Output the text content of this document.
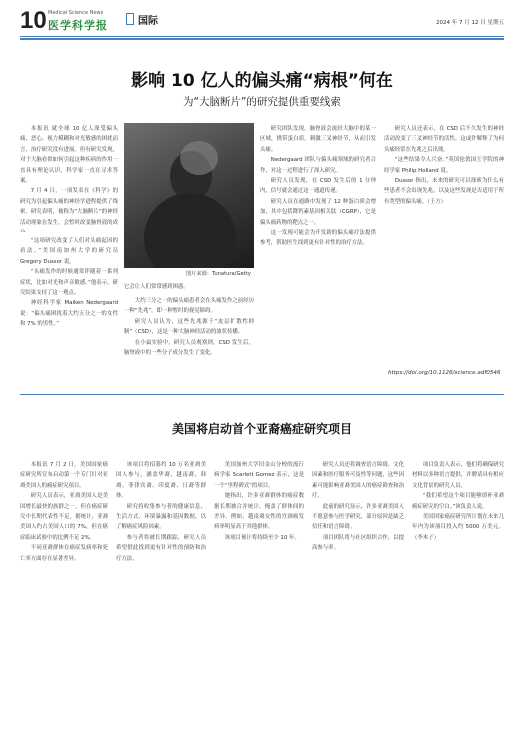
10 Medical Science News
医学科学报	国际	2024 年 7 月 12 日 星期五
影响 10 亿人的偏头痛“病根”何在
为“大脑断片”的研究提供重要线索

本报讯 就全球 10 亿人深受偏头痛、恶心、视力模糊和对光敏感的困扰而言，治疗研究没有进展。但有研究发现，对于大脑看似如何引起这种疾病的作用一直具有理论认识，科学家一直在寻求答案。

7 月 4 日，一项发表在《科学》的研究为引起偏头痛的神经学进程提供了线索。研究表明，被称为“大脑断片”的神经活动现象在发生，会暂时改变脑脊液的成

“这项研究改变了人们对头痛起因的看法。”美国南加州大学的研究员 Gregory Dussor 说。

“头痛发作的时候通常伴随着一系列症状，比如对光和声音敏感。”他表示，研究结果支持了这一观点。

神经科学家 Maiken Nedergaard 说：“偏头痛困扰着大约五分之一的女性和 7% 的男性。”

图片来源：Tunatura/Getty
它会让人们常常感到困惑。

大约三分之一的偏头痛患者会在头痛发作之前经历一种“先兆”，即一种暂时的视觉障碍。

研究人员认为，这些先兆源于“皮层扩散性抑制”（CSD），这是一种大脑神经活动的波状传播。

在小鼠实验中，研究人员观察到，CSD 发生后，脑脊液中的一些分子成分发生了变化。

研究团队发现，脑脊液会流经大脑中的某一区域，携带蛋白质，刺激三叉神经节，从而引发头痛。

Nedergaard 团队与偏头痛领域的研究者合作，对这一过程进行了深入研究。

研究人员发现，在 CSD 发生后的 1 分钟内，信号就会通过这一通道传递。

研究人员在通路中发现了 12 种蛋白质会增加，其中包括降钙素基因相关肽（CGRP），它是偏头痛药物的靶点之一。

这一发现可能会为开发新的偏头痛疗法提供参考，帮助医生找到更有针对性的治疗方法。

研究人员还表示，在 CSD 后不久发生的神经活动改变了三叉神经节的活性，这或许解释了为何头痛经常在先兆之后出现。

“这些结果令人兴奋。”英国伦敦国王学院的神经学家 Philip Holland 说。

Dussor 指出，未来的研究可以探索为什么有些患者不会出现先兆，以及这些发现是否适用于所有类型的偏头痛。（王方）

https://doi.org/10.1126/science.adf0546
美国将启动首个亚裔癌症研究项目

本报讯 7 月 2 日，美国国家癌症研究所宣布启动第一个专门针对亚裔美国人的癌症研究项目。

研究人员表示，亚裔美国人是美国增长最快的族群之一，但在癌症研究中长期代表性不足。据统计，亚裔美国人约占美国人口的 7%，但在癌症临床试验中的比例不足 2%。

不同亚裔群体在癌症发病率和死亡率方面存在显著差异。

该项目将招募约 10 万名亚裔美国人参与，涵盖华裔、越南裔、韩裔、菲律宾裔、印度裔、日裔等群体。

研究将收集参与者的健康信息、生活方式、环境暴露和基因数据，以了解癌症风险因素。

参与者将被长期跟踪，研究人员希望借此找到更有针对性的预防和治疗方法。

美国加州大学旧金山分校的流行病学家 Scarlett Gomez 表示，这是一个“里程碑式”的项目。

她指出，许多亚裔群体的癌症数据长期被合并统计，掩盖了群体间的差异。例如，越南裔女性的宫颈癌发病率明显高于其他群体。

该项目预计将持续至少 10 年。

研究人员还将调查语言障碍、文化因素和医疗服务可及性等问题，这些因素可能影响亚裔美国人的癌症筛查和治疗。

此前的研究显示，许多亚裔美国人不愿意参与医学研究，部分原因是缺乏信任和语言障碍。

项目团队将与社区组织合作，以提高参与率。

项目负责人表示，他们将确保研究材料以多种语言提供，并聘请具有相应文化背景的研究人员。

“我们希望这个项目能够填补亚裔癌症研究的空白。”该负责人说。

美国国家癌症研究所计划在未来几年内为该项目投入约 5000 万美元。（李木子）
